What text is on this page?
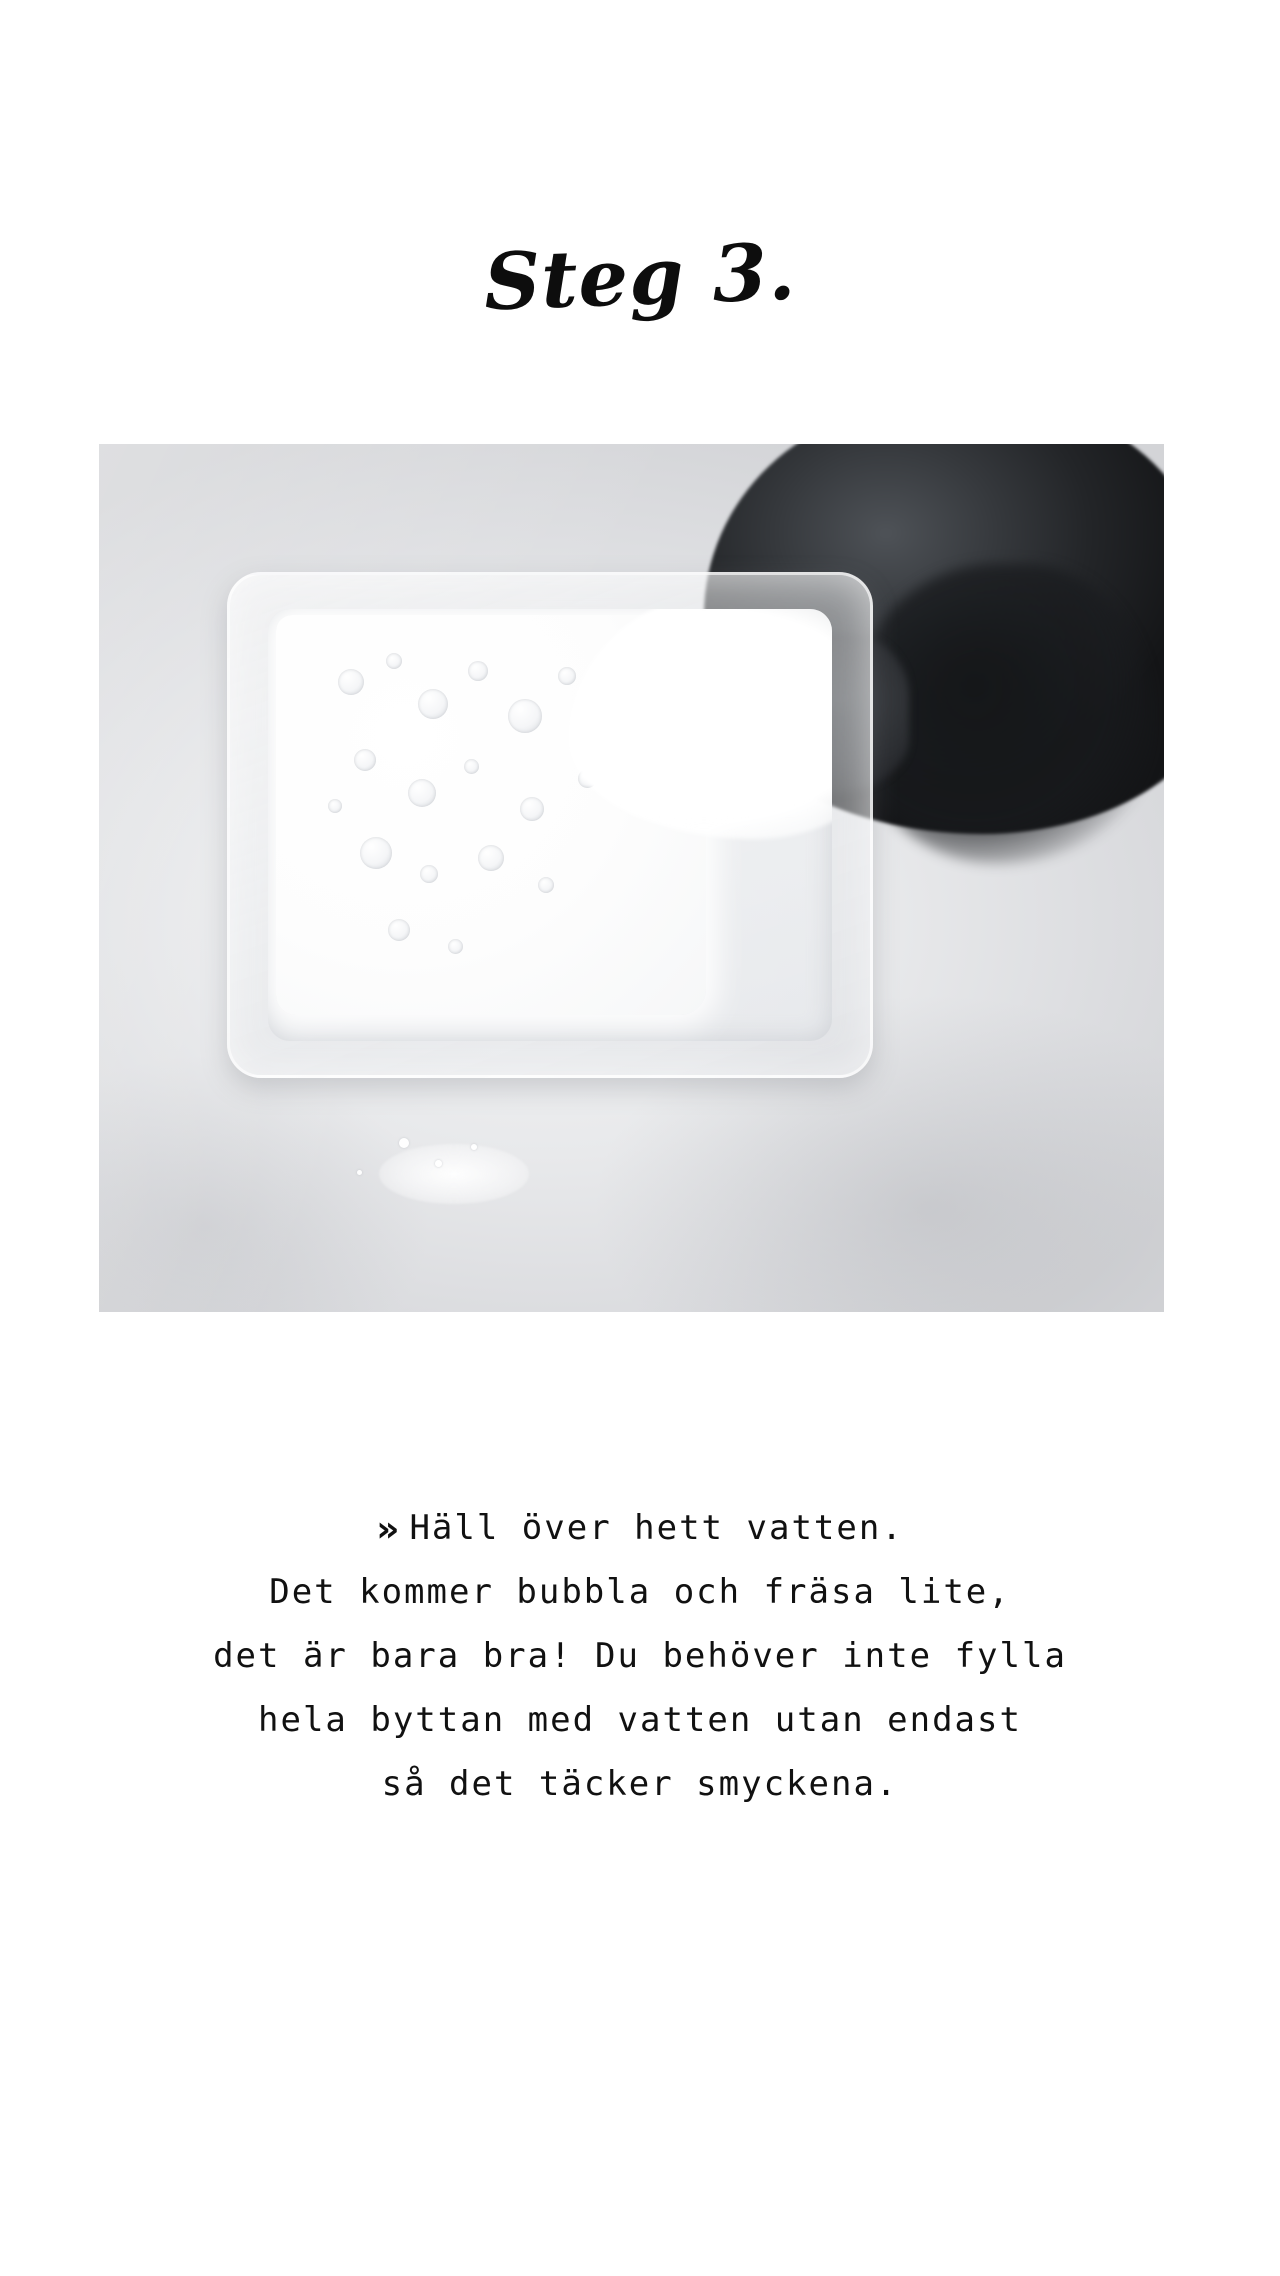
Steg 3.
» Häll över hett vatten.
Det kommer bubbla och fräsa lite,
det är bara bra! Du behöver inte fylla
hela byttan med vatten utan endast
så det täcker smyckena.
